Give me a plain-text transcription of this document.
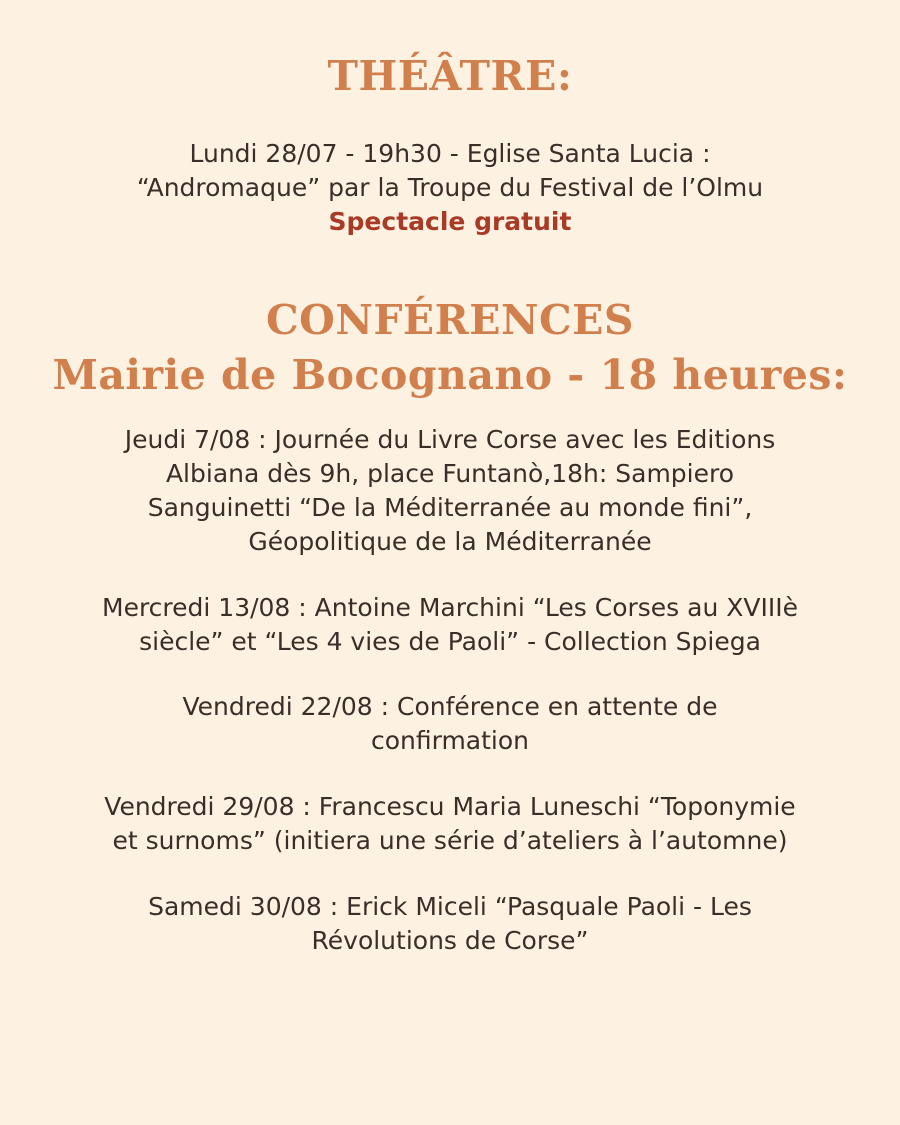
THÉÂTRE:

Lundi 28/07 - 19h30 - Eglise Santa Lucia :

“Andromaque” par la Troupe du Festival de l’Olmu

Spectacle gratuit

CONFÉRENCES
Mairie de Bocognano - 18 heures:

Jeudi 7/08 : Journée du Livre Corse avec les Editions

Albiana dès 9h, place Funtanò,18h: Sampiero

Sanguinetti “De la Méditerranée au monde fini”,

Géopolitique de la Méditerranée

Mercredi 13/08 : Antoine Marchini “Les Corses au XVIIIè

siècle” et “Les 4 vies de Paoli” - Collection Spiega

Vendredi 22/08 : Conférence en attente de

confirmation

Vendredi 29/08 : Francescu Maria Luneschi “Toponymie

et surnoms” (initiera une série d’ateliers à l’automne)

Samedi 30/08 : Erick Miceli “Pasquale Paoli - Les

Révolutions de Corse”
